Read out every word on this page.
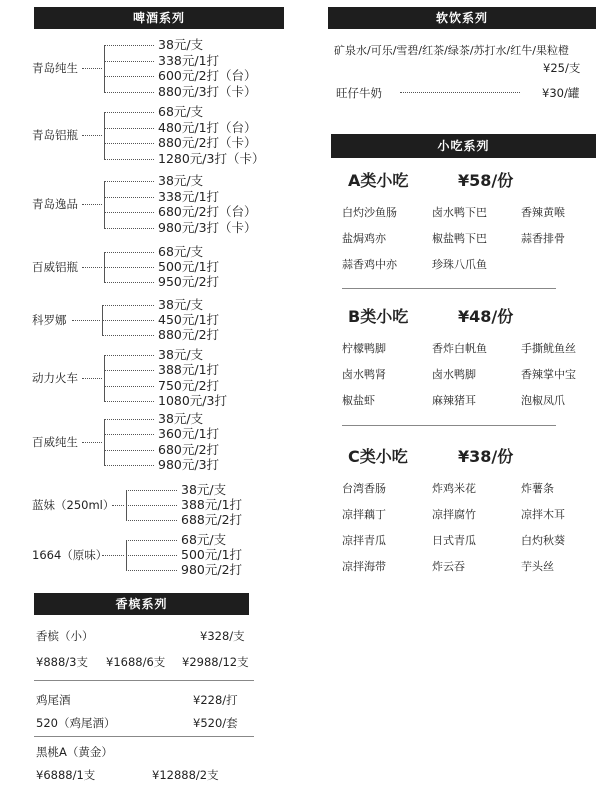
啤酒系列
青岛纯生
38元/支
338元/1打
600元/2打（台）
880元/3打（卡）
青岛铝瓶
68元/支
480元/1打（台）
880元/2打（卡）
1280元/3打（卡）
青岛逸品
38元/支
338元/1打
680元/2打（台）
980元/3打（卡）
百威铝瓶
68元/支
500元/1打
950元/2打
科罗娜
38元/支
450元/1打
880元/2打
动力火车
38元/支
388元/1打
750元/2打
1080元/3打
百威纯生
38元/支
360元/1打
680元/2打
980元/3打
蓝妹（250ml）
38元/支
388元/1打
688元/2打
1664（原味）
68元/支
500元/1打
980元/2打
香槟系列
香槟（小）	¥328/支
¥888/3支 ¥1688/6支 ¥2988/12支
鸡尾酒	¥228/打
520（鸡尾酒）	¥520/套
黑桃A（黄金）
¥6888/1支	¥12888/2支
软饮系列
矿泉水/可乐/雪碧/红茶/绿茶/苏打水/红牛/果粒橙
¥25/支
旺仔牛奶	¥30/罐
小吃系列
A类小吃	¥58/份
白灼沙鱼肠	卤水鸭下巴	香辣黄喉
盐焗鸡亦	椒盐鸭下巴	蒜香排骨
蒜香鸡中亦	珍珠八爪鱼
B类小吃	¥48/份
柠檬鸭脚	香炸白帆鱼	手撕鱿鱼丝
卤水鸭肾	卤水鸭脚	香辣掌中宝
椒盐虾	麻辣猪耳	泡椒凤爪
C类小吃	¥38/份
台湾香肠	炸鸡米花	炸薯条
凉拌藕丁	凉拌腐竹	凉拌木耳
凉拌青瓜	日式青瓜	白灼秋葵
凉拌海带	炸云吞	芋头丝
